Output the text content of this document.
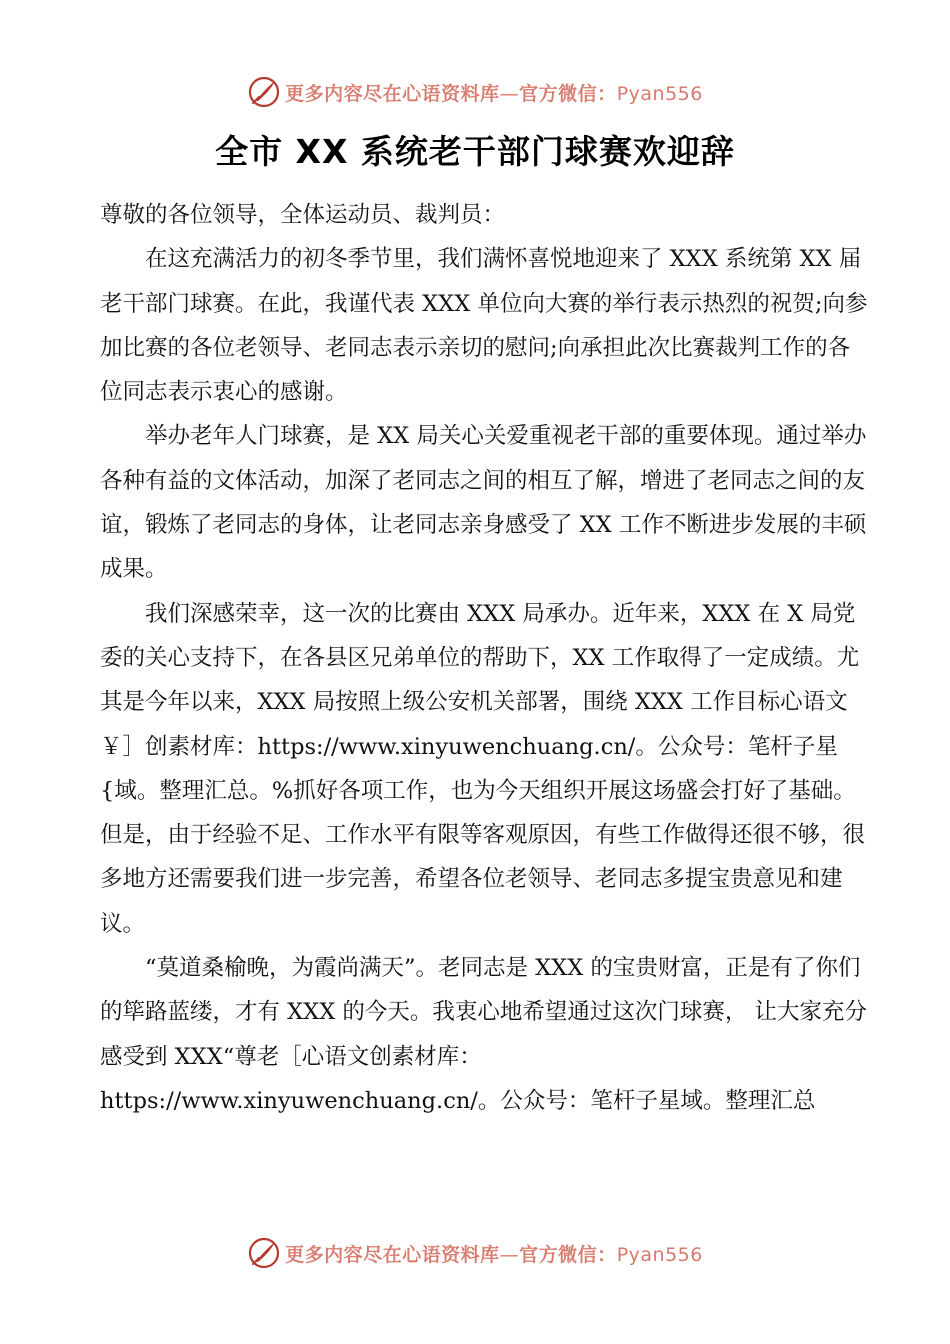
更多内容尽在心语资料库—官方微信：Pyan556
全市 XX 系统老干部门球赛欢迎辞

尊敬的各位领导，全体运动员、裁判员：

在这充满活力的初冬季节里，我们满怀喜悦地迎来了 XXX 系统第 XX 届老干部门球赛。在此，我谨代表 XXX 单位向大赛的举行表示热烈的祝贺;向参加比赛的各位老领导、老同志表示亲切的慰问;向承担此次比赛裁判工作的各位同志表示衷心的感谢。

举办老年人门球赛，是 XX 局关心关爱重视老干部的重要体现。通过举办各种有益的文体活动，加深了老同志之间的相互了解，增进了老同志之间的友谊，锻炼了老同志的身体，让老同志亲身感受了 XX 工作不断进步发展的丰硕成果。

我们深感荣幸，这一次的比赛由 XXX 局承办。近年来，XXX 在 X 局党委的关心支持下，在各县区兄弟单位的帮助下，XX 工作取得了一定成绩。尤其是今年以来，XXX 局按照上级公安机关部署，围绕 XXX 工作目标心语文￥］创素材库：https://www.xinyuwenchuang.cn/。公众号：笔杆子星{域。整理汇总。%抓好各项工作，也为今天组织开展这场盛会打好了基础。但是，由于经验不足、工作水平有限等客观原因，有些工作做得还很不够，很多地方还需要我们进一步完善，希望各位老领导、老同志多提宝贵意见和建议。

“莫道桑榆晚，为霞尚满天”。老同志是 XXX 的宝贵财富，正是有了你们的筚路蓝缕，才有 XXX 的今天。我衷心地希望通过这次门球赛， 让大家充分感受到 XXX“尊老［心语文创素材库：https://www.xinyuwenchuang.cn/。公众号：笔杆子星域。整理汇总

更多内容尽在心语资料库—官方微信：Pyan556
